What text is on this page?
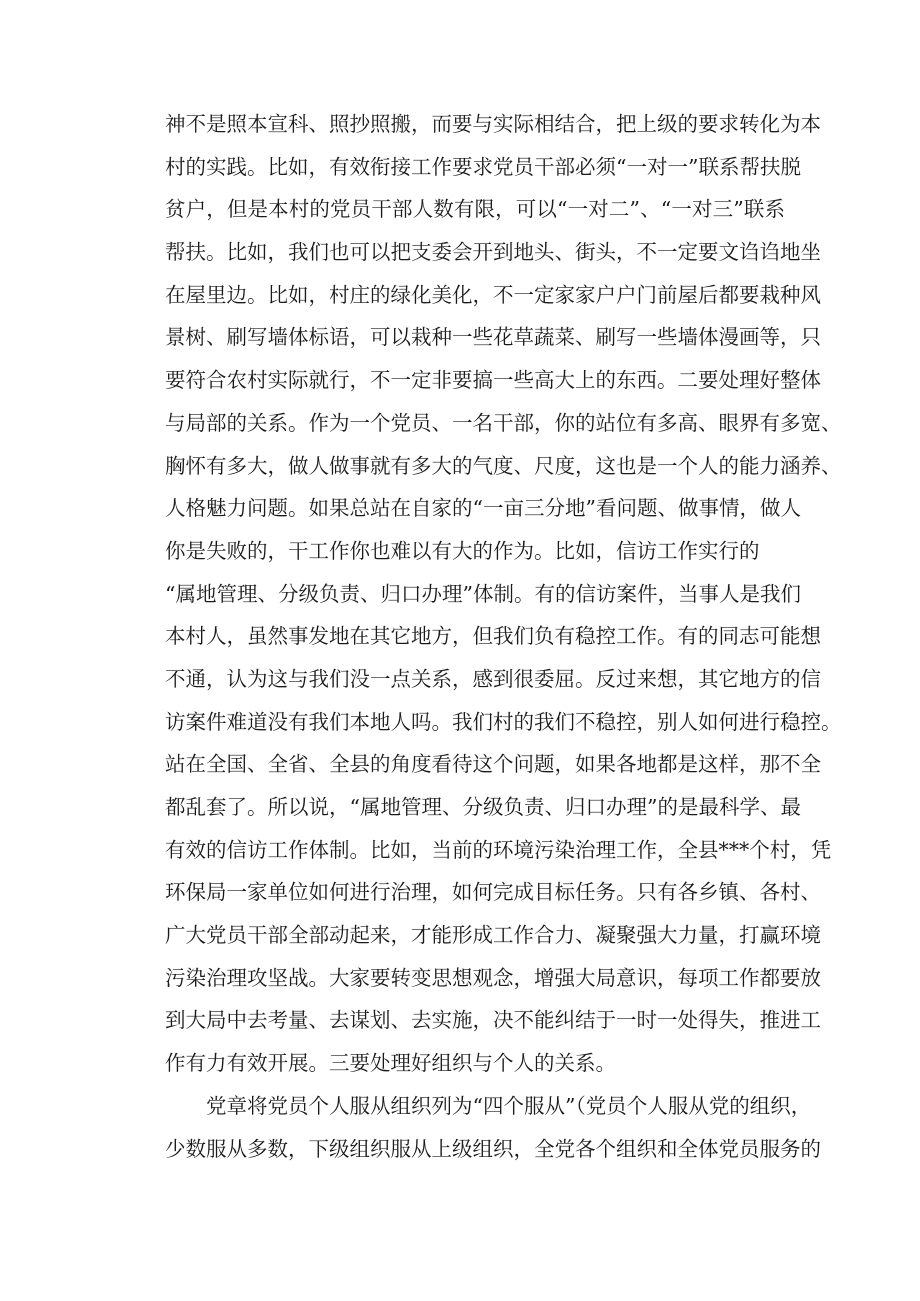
神不是照本宣科、照抄照搬，而要与实际相结合，把上级的要求转化为本
村的实践。比如，有效衔接工作要求党员干部必须“一对一”联系帮扶脱
贫户，但是本村的党员干部人数有限，可以“一对二”、“一对三”联系
帮扶。比如，我们也可以把支委会开到地头、街头，不一定要文诌诌地坐
在屋里边。比如，村庄的绿化美化，不一定家家户户门前屋后都要栽种风
景树、刷写墙体标语，可以栽种一些花草蔬菜、刷写一些墙体漫画等，只
要符合农村实际就行，不一定非要搞一些高大上的东西。二要处理好整体
与局部的关系。作为一个党员、一名干部，你的站位有多高、眼界有多宽、
胸怀有多大，做人做事就有多大的气度、尺度，这也是一个人的能力涵养、
人格魅力问题。如果总站在自家的“一亩三分地”看问题、做事情，做人
你是失败的，干工作你也难以有大的作为。比如，信访工作实行的
“属地管理、分级负责、归口办理”体制。有的信访案件，当事人是我们
本村人，虽然事发地在其它地方，但我们负有稳控工作。有的同志可能想
不通，认为这与我们没一点关系，感到很委屈。反过来想，其它地方的信
访案件难道没有我们本地人吗。我们村的我们不稳控，别人如何进行稳控。
站在全国、全省、全县的角度看待这个问题，如果各地都是这样，那不全
都乱套了。所以说，“属地管理、分级负责、归口办理”的是最科学、最
有效的信访工作体制。比如，当前的环境污染治理工作，全县***个村，凭
环保局一家单位如何进行治理，如何完成目标任务。只有各乡镇、各村、
广大党员干部全部动起来，才能形成工作合力、凝聚强大力量，打赢环境
污染治理攻坚战。大家要转变思想观念，增强大局意识，每项工作都要放
到大局中去考量、去谋划、去实施，决不能纠结于一时一处得失，推进工
作有力有效开展。三要处理好组织与个人的关系。
党章将党员个人服从组织列为“四个服从”（党员个人服从党的组织，
少数服从多数，下级组织服从上级组织，全党各个组织和全体党员服务的
